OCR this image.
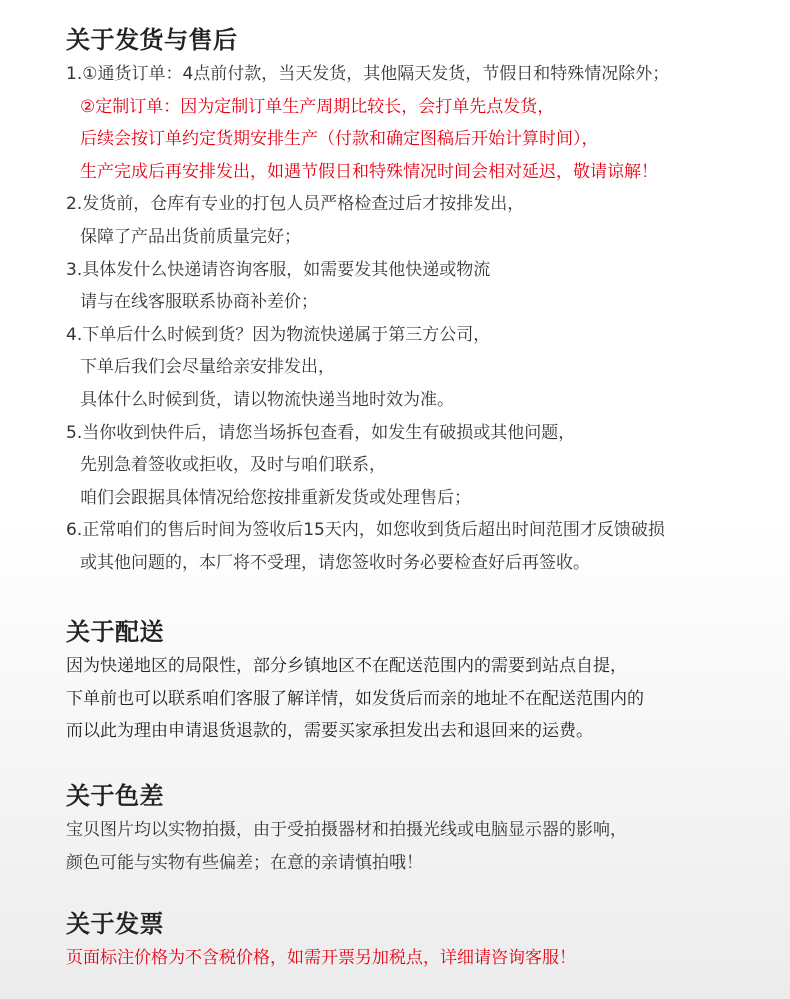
关于发货与售后

1.①通货订单：4点前付款，当天发货，其他隔天发货，节假日和特殊情况除外；

②定制订单：因为定制订单生产周期比较长，会打单先点发货，

后续会按订单约定货期安排生产（付款和确定图稿后开始计算时间），

生产完成后再安排发出，如遇节假日和特殊情况时间会相对延迟，敬请谅解！

2.发货前，仓库有专业的打包人员严格检查过后才按排发出，

保障了产品出货前质量完好；

3.具体发什么快递请咨询客服，如需要发其他快递或物流

请与在线客服联系协商补差价；

4.下单后什么时候到货？因为物流快递属于第三方公司，

下单后我们会尽量给亲安排发出，

具体什么时候到货，请以物流快递当地时效为准。

5.当你收到快件后，请您当场拆包查看，如发生有破损或其他问题，

先别急着签收或拒收，及时与咱们联系，

咱们会跟据具体情况给您按排重新发货或处理售后；

6.正常咱们的售后时间为签收后15天内，如您收到货后超出时间范围才反馈破损

或其他问题的，本厂将不受理，请您签收时务必要检查好后再签收。

关于配送

因为快递地区的局限性，部分乡镇地区不在配送范围内的需要到站点自提，

下单前也可以联系咱们客服了解详情，如发货后而亲的地址不在配送范围内的

而以此为理由申请退货退款的，需要买家承担发出去和退回来的运费。

关于色差

宝贝图片均以实物拍摄，由于受拍摄器材和拍摄光线或电脑显示器的影响，

颜色可能与实物有些偏差；在意的亲请慎拍哦！

关于发票

页面标注价格为不含税价格，如需开票另加税点，详细请咨询客服！
